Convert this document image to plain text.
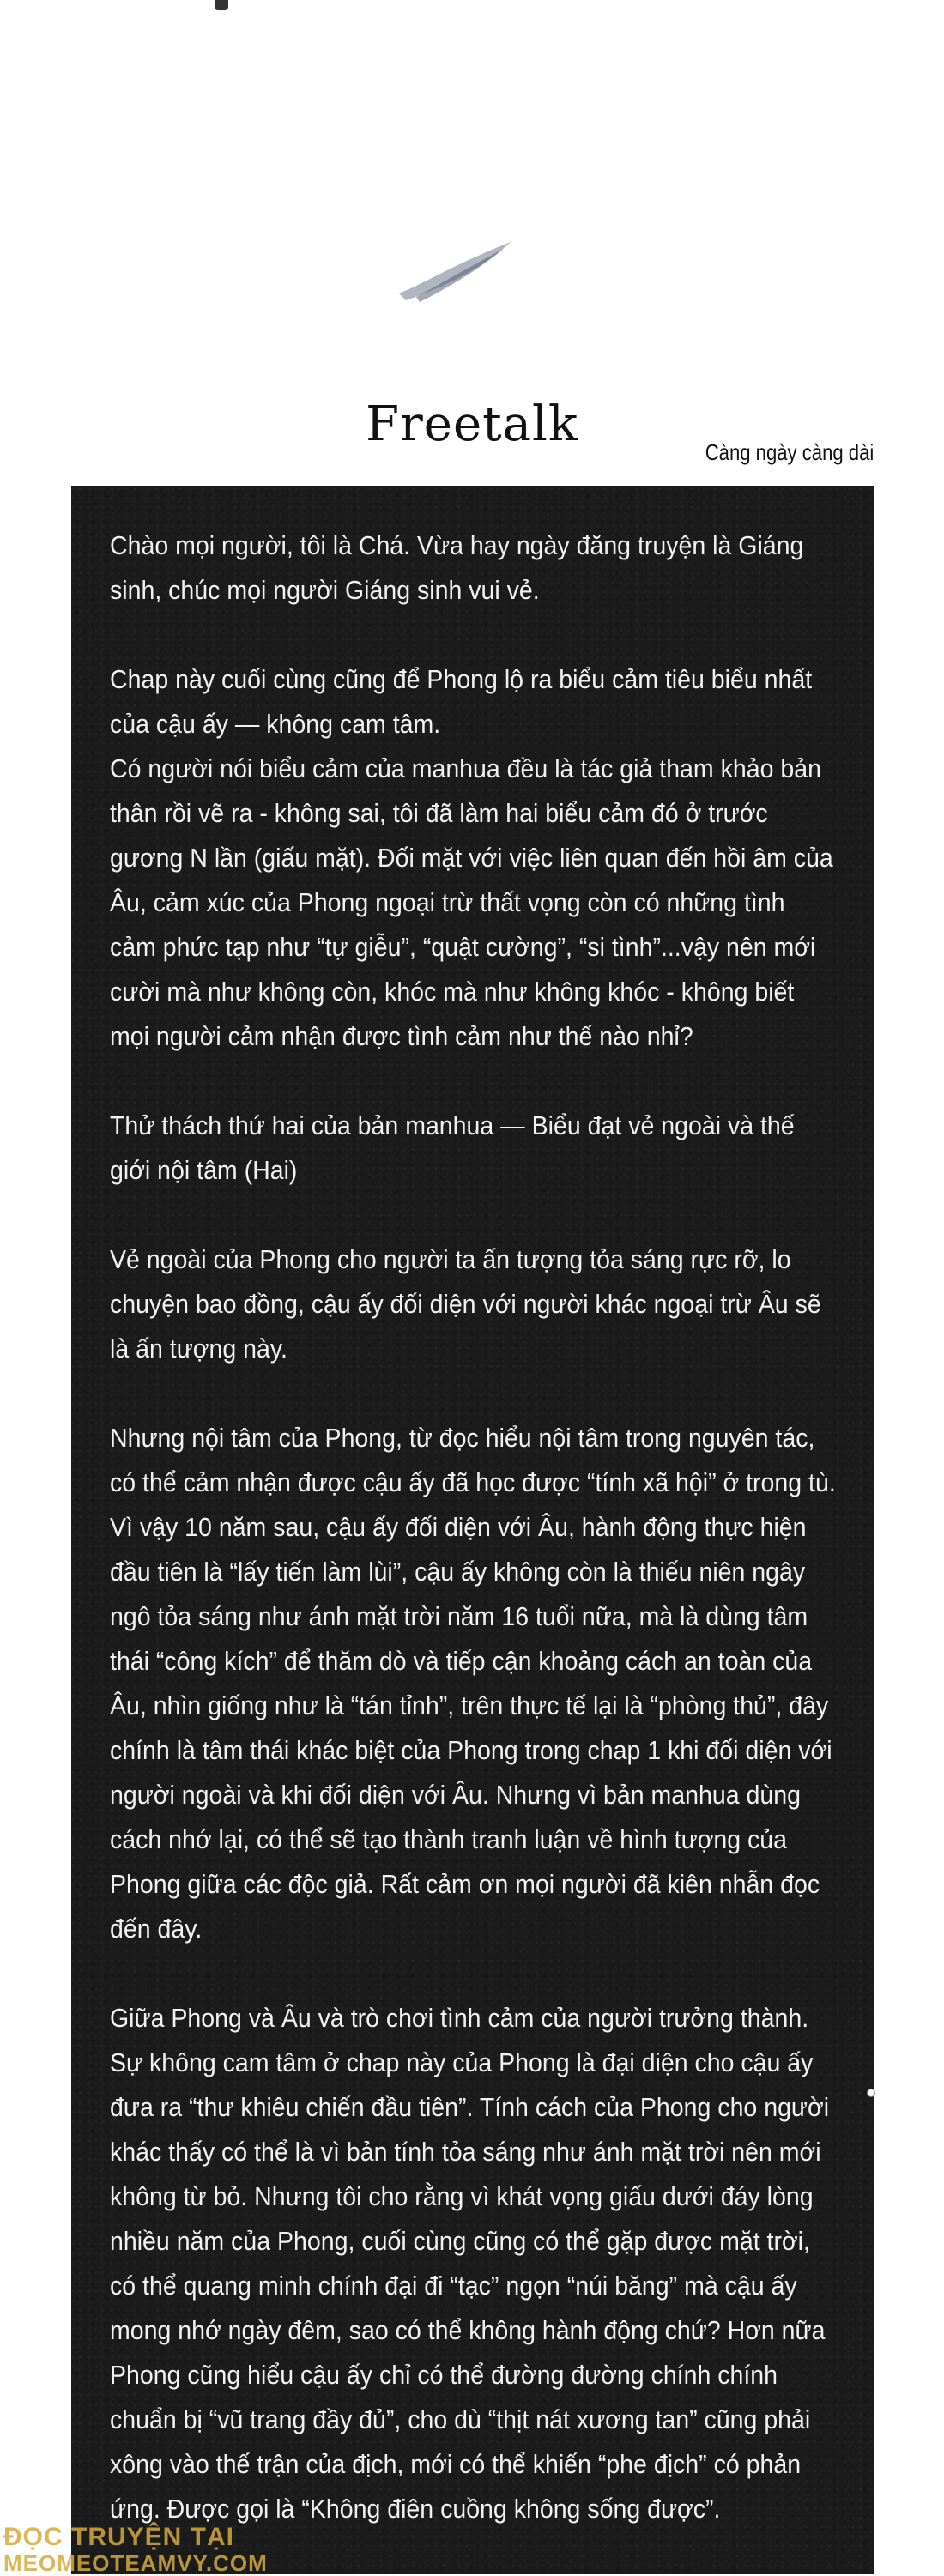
Freetalk	Càng ngày càng dài

Chào mọi người, tôi là Chá. Vừa hay ngày đăng truyện là Giáng sinh, chúc mọi người Giáng sinh vui vẻ.

Chap này cuối cùng cũng để Phong lộ ra biểu cảm tiêu biểu nhất của cậu ấy — không cam tâm.
Có người nói biểu cảm của manhua đều là tác giả tham khảo bản thân rồi vẽ ra - không sai, tôi đã làm hai biểu cảm đó ở trước gương N lần (giấu mặt). Đối mặt với việc liên quan đến hồi âm của Âu, cảm xúc của Phong ngoại trừ thất vọng còn có những tình cảm phức tạp như “tự giễu”, “quật cường”, “si tình”...vậy nên mới cười mà như không còn, khóc mà như không khóc - không biết mọi người cảm nhận được tình cảm như thế nào nhỉ?

Thử thách thứ hai của bản manhua — Biểu đạt vẻ ngoài và thế giới nội tâm (Hai)

Vẻ ngoài của Phong cho người ta ấn tượng tỏa sáng rực rỡ, lo chuyện bao đồng, cậu ấy đối diện với người khác ngoại trừ Âu sẽ là ấn tượng này.

Nhưng nội tâm của Phong, từ đọc hiểu nội tâm trong nguyên tác, có thể cảm nhận được cậu ấy đã học được “tính xã hội” ở trong tù. Vì vậy 10 năm sau, cậu ấy đối diện với Âu, hành động thực hiện đầu tiên là “lấy tiến làm lùi”, cậu ấy không còn là thiếu niên ngây ngô tỏa sáng như ánh mặt trời năm 16 tuổi nữa, mà là dùng tâm thái “công kích” để thăm dò và tiếp cận khoảng cách an toàn của Âu, nhìn giống như là “tán tỉnh”, trên thực tế lại là “phòng thủ”, đây chính là tâm thái khác biệt của Phong trong chap 1 khi đối diện với người ngoài và khi đối diện với Âu. Nhưng vì bản manhua dùng cách nhớ lại, có thể sẽ tạo thành tranh luận về hình tượng của Phong giữa các độc giả. Rất cảm ơn mọi người đã kiên nhẫn đọc đến đây.

Giữa Phong và Âu và trò chơi tình cảm của người trưởng thành. Sự không cam tâm ở chap này của Phong là đại diện cho cậu ấy đưa ra “thư khiêu chiến đầu tiên”. Tính cách của Phong cho người khác thấy có thể là vì bản tính tỏa sáng như ánh mặt trời nên mới không từ bỏ. Nhưng tôi cho rằng vì khát vọng giấu dưới đáy lòng nhiều năm của Phong, cuối cùng cũng có thể gặp được mặt trời, có thể quang minh chính đại đi “tạc” ngọn “núi băng” mà cậu ấy mong nhớ ngày đêm, sao có thể không hành động chứ? Hơn nữa Phong cũng hiểu cậu ấy chỉ có thể đường đường chính chính chuẩn bị “vũ trang đầy đủ”, cho dù “thịt nát xương tan” cũng phải xông vào thế trận của địch, mới có thể khiến “phe địch” có phản ứng. Được gọi là “Không điên cuồng không sống được”.

ĐỌC TRUYỆN TẠI
MEOMEOTEAMVY.COM
